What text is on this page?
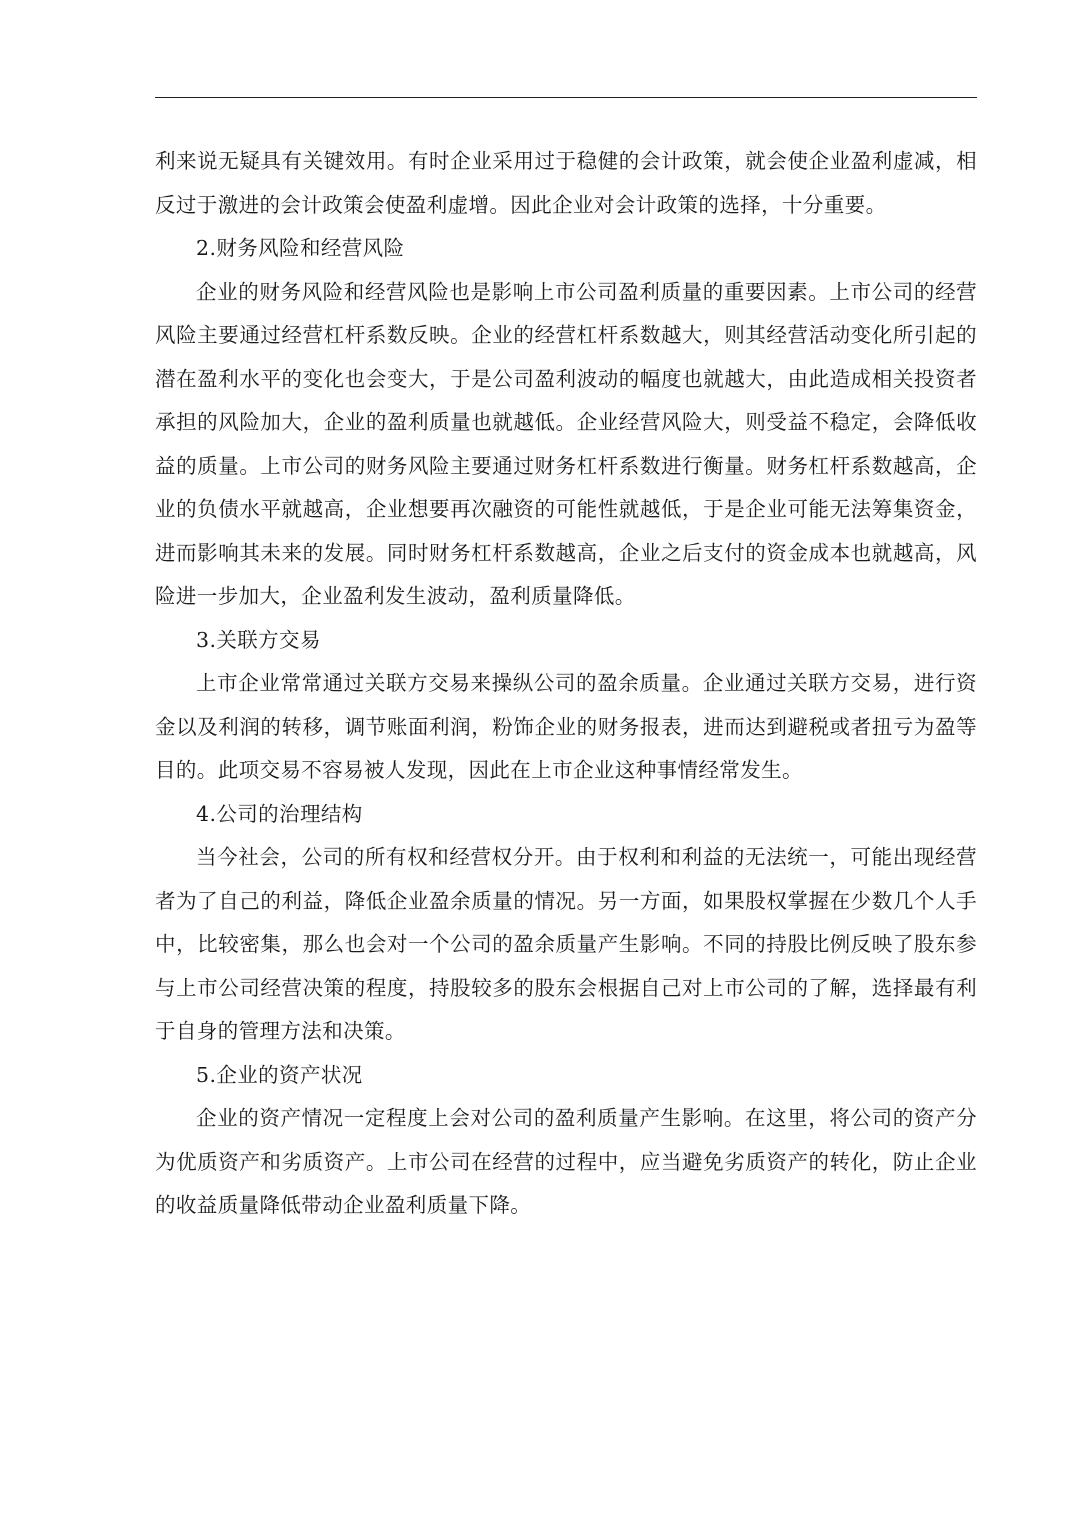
利来说无疑具有关键效用。有时企业采用过于稳健的会计政策，就会使企业盈利虚减，相反过于激进的会计政策会使盈利虚增。因此企业对会计政策的选择，十分重要。

2.财务风险和经营风险

企业的财务风险和经营风险也是影响上市公司盈利质量的重要因素。上市公司的经营风险主要通过经营杠杆系数反映。企业的经营杠杆系数越大，则其经营活动变化所引起的潜在盈利水平的变化也会变大，于是公司盈利波动的幅度也就越大，由此造成相关投资者承担的风险加大，企业的盈利质量也就越低。企业经营风险大，则受益不稳定，会降低收益的质量。上市公司的财务风险主要通过财务杠杆系数进行衡量。财务杠杆系数越高，企业的负债水平就越高，企业想要再次融资的可能性就越低，于是企业可能无法筹集资金，进而影响其未来的发展。同时财务杠杆系数越高，企业之后支付的资金成本也就越高，风险进一步加大，企业盈利发生波动，盈利质量降低。

3.关联方交易

上市企业常常通过关联方交易来操纵公司的盈余质量。企业通过关联方交易，进行资金以及利润的转移，调节账面利润，粉饰企业的财务报表，进而达到避税或者扭亏为盈等目的。此项交易不容易被人发现，因此在上市企业这种事情经常发生。

4.公司的治理结构

当今社会，公司的所有权和经营权分开。由于权利和利益的无法统一，可能出现经营者为了自己的利益，降低企业盈余质量的情况。另一方面，如果股权掌握在少数几个人手中，比较密集，那么也会对一个公司的盈余质量产生影响。不同的持股比例反映了股东参与上市公司经营决策的程度，持股较多的股东会根据自己对上市公司的了解，选择最有利于自身的管理方法和决策。

5.企业的资产状况

企业的资产情况一定程度上会对公司的盈利质量产生影响。在这里，将公司的资产分为优质资产和劣质资产。上市公司在经营的过程中，应当避免劣质资产的转化，防止企业的收益质量降低带动企业盈利质量下降。
